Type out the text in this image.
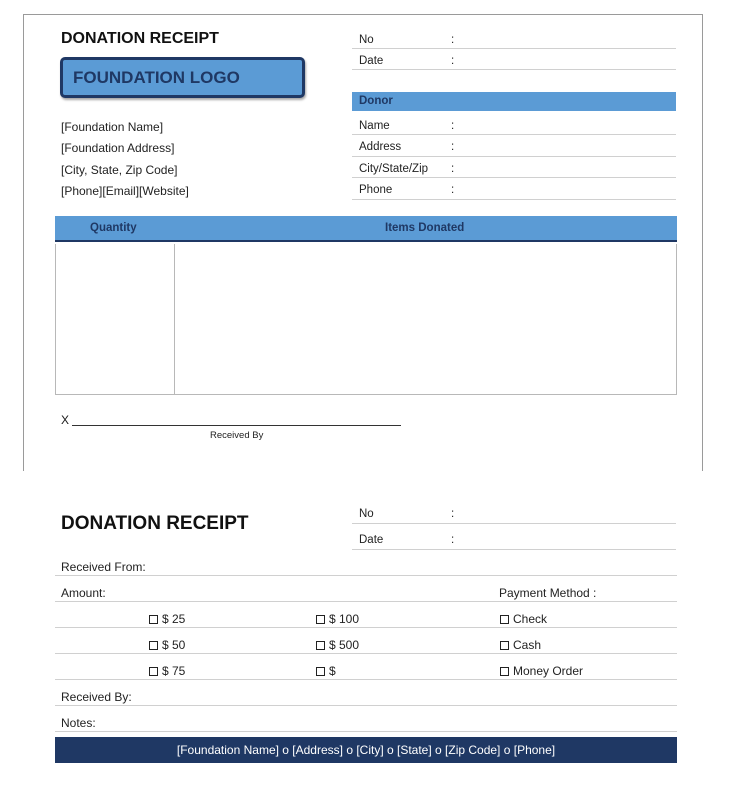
DONATION RECEIPT
FOUNDATION LOGO
[Foundation Name]
[Foundation Address]
[City, State, Zip Code]
[Phone][Email][Website]
No	:
Date	:
Donor
Name	:
Address	:
City/State/Zip :
Phone	:
Quantity	Items Donated
X
Received By
DONATION RECEIPT	No	:
Date	:
Received From:
Amount:	Payment Method :
$ 25	$ 100	Check
$ 50	$ 500	Cash
$ 75	$	Money Order
Received By:
Notes:
[Foundation Name] o [Address] o [City] o [State] o [Zip Code] o [Phone]
